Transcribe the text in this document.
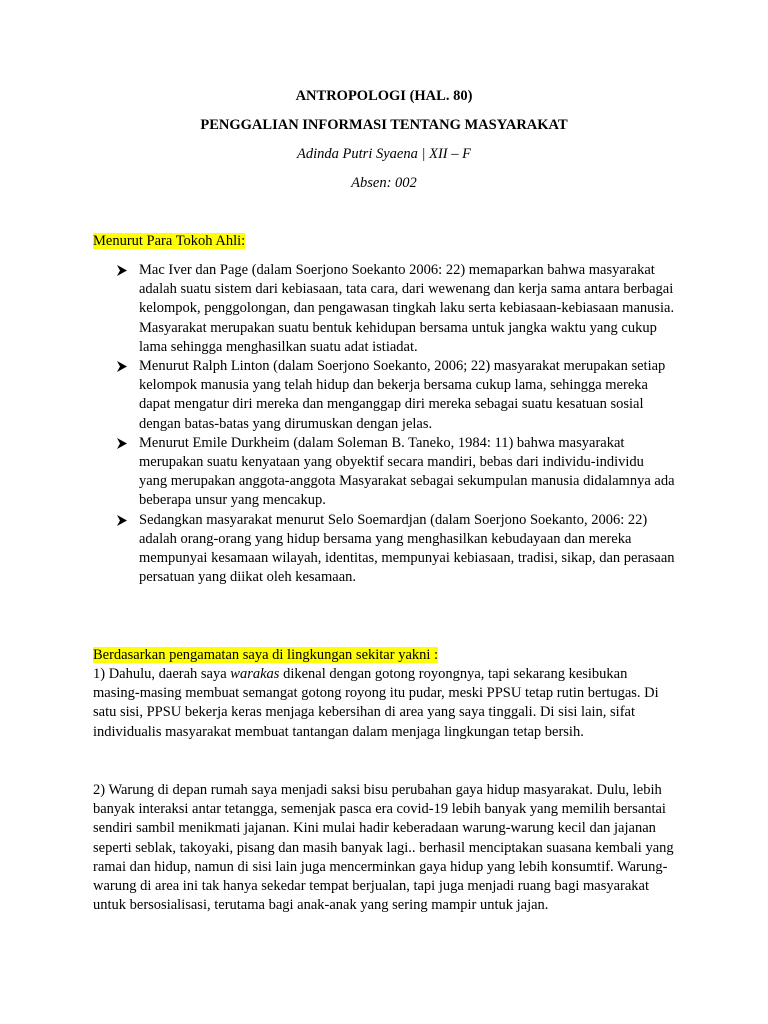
ANTROPOLOGI (HAL. 80)

PENGGALIAN INFORMASI TENTANG MASYARAKAT

Adinda Putri Syaena | XII – F

Absen: 002

Menurut Para Tokoh Ahli:

Mac Iver dan Page (dalam Soerjono Soekanto 2006: 22) memaparkan bahwa masyarakat adalah suatu sistem dari kebiasaan, tata cara, dari wewenang dan kerja sama antara berbagai kelompok, penggolongan, dan pengawasan tingkah laku serta kebiasaan-kebiasaan manusia. Masyarakat merupakan suatu bentuk kehidupan bersama untuk jangka waktu yang cukup lama sehingga menghasilkan suatu adat istiadat.
Menurut Ralph Linton (dalam Soerjono Soekanto, 2006; 22) masyarakat merupakan setiap kelompok manusia yang telah hidup dan bekerja bersama cukup lama, sehingga mereka dapat mengatur diri mereka dan menganggap diri mereka sebagai suatu kesatuan sosial dengan batas-batas yang dirumuskan dengan jelas.
Menurut Emile Durkheim (dalam Soleman B. Taneko, 1984: 11) bahwa masyarakat merupakan suatu kenyataan yang obyektif secara mandiri, bebas dari individu-individu yang merupakan anggota-anggota Masyarakat sebagai sekumpulan manusia didalamnya ada beberapa unsur yang mencakup.
Sedangkan masyarakat menurut Selo Soemardjan (dalam Soerjono Soekanto, 2006: 22) adalah orang-orang yang hidup bersama yang menghasilkan kebudayaan dan mereka mempunyai kesamaan wilayah, identitas, mempunyai kebiasaan, tradisi, sikap, dan perasaan persatuan yang diikat oleh kesamaan.

Berdasarkan pengamatan saya di lingkungan sekitar yakni :

1) Dahulu, daerah saya warakas dikenal dengan gotong royongnya, tapi sekarang kesibukan masing-masing membuat semangat gotong royong itu pudar, meski PPSU tetap rutin bertugas. Di satu sisi, PPSU bekerja keras menjaga kebersihan di area yang saya tinggali. Di sisi lain, sifat individualis masyarakat membuat tantangan dalam menjaga lingkungan tetap bersih.

2) Warung di depan rumah saya menjadi saksi bisu perubahan gaya hidup masyarakat. Dulu, lebih banyak interaksi antar tetangga, semenjak pasca era covid-19 lebih banyak yang memilih bersantai sendiri sambil menikmati jajanan. Kini mulai hadir keberadaan warung-warung kecil dan jajanan seperti seblak, takoyaki, pisang dan masih banyak lagi.. berhasil menciptakan suasana kembali yang ramai dan hidup, namun di sisi lain juga mencerminkan gaya hidup yang lebih konsumtif. Warung-warung di area ini tak hanya sekedar tempat berjualan, tapi juga menjadi ruang bagi masyarakat untuk bersosialisasi, terutama bagi anak-anak yang sering mampir untuk jajan.
